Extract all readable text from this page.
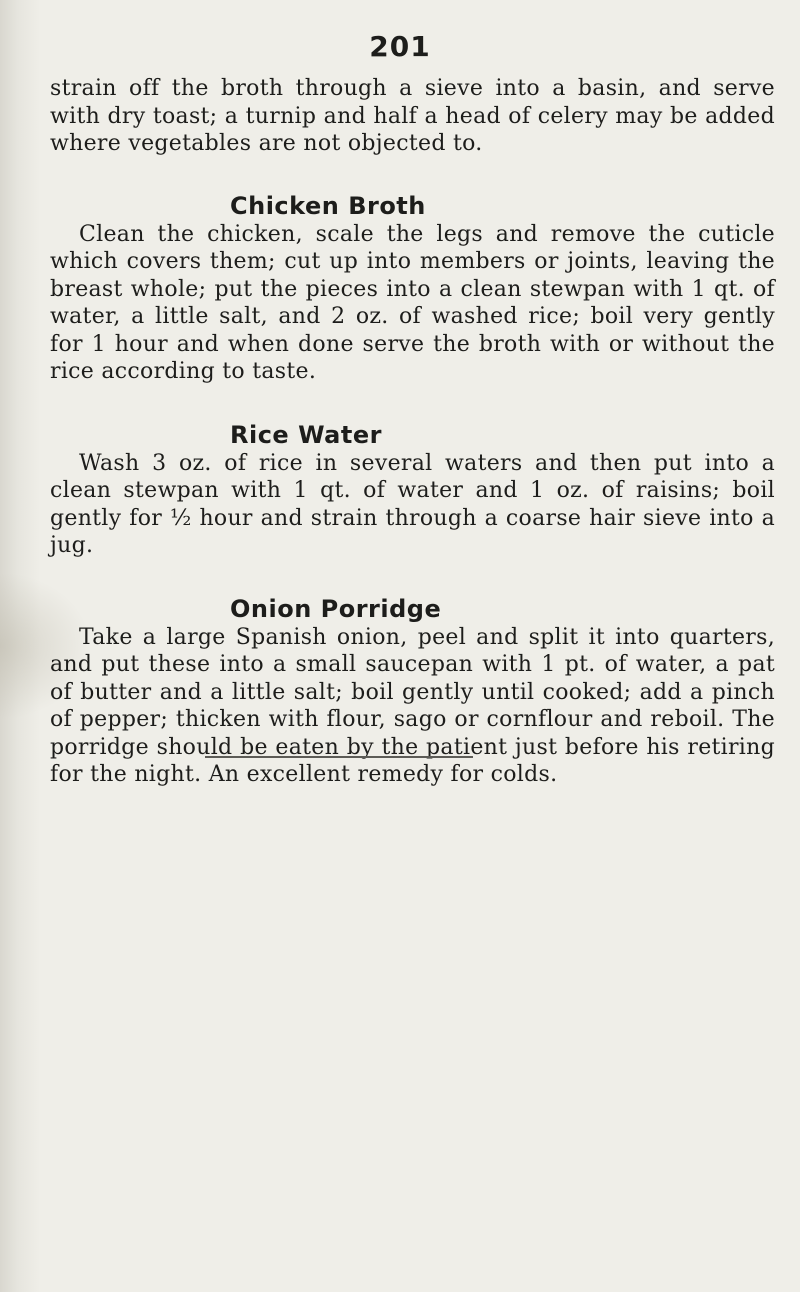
201

strain off the broth through a sieve into a basin, and serve with dry toast; a turnip and half a head of celery may be added where vegetables are not objected to.

Chicken Broth

Clean the chicken, scale the legs and remove the cuticle which covers them; cut up into members or joints, leaving the breast whole; put the pieces into a clean stewpan with 1 qt. of water, a little salt, and 2 oz. of washed rice; boil very gently for 1 hour and when done serve the broth with or without the rice according to taste.

Rice Water

Wash 3 oz. of rice in several waters and then put into a clean stewpan with 1 qt. of water and 1 oz. of raisins; boil gently for ½ hour and strain through a coarse hair sieve into a jug.

Onion Porridge

Take a large Spanish onion, peel and split it into quarters, and put these into a small saucepan with 1 pt. of water, a pat of butter and a little salt; boil gently until cooked; add a pinch of pepper; thicken with flour, sago or cornflour and reboil. The porridge should be eaten by the patient just before his retiring for the night. An excellent remedy for colds.
